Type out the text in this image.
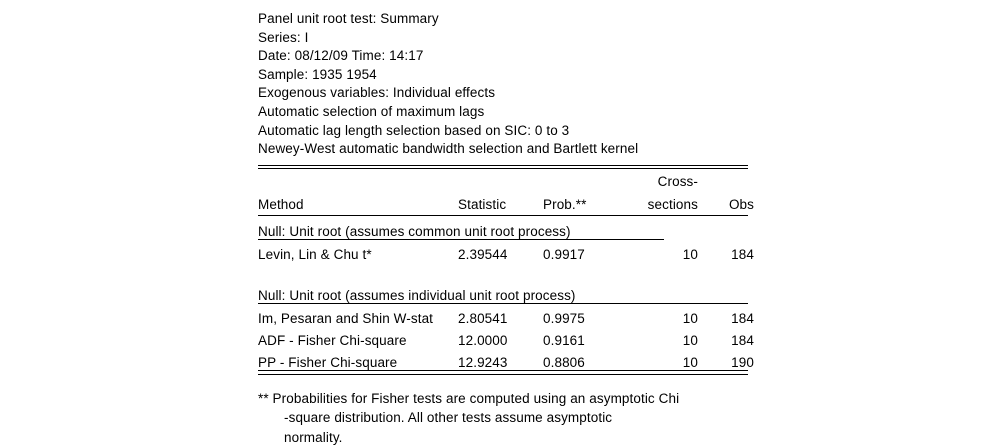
Panel unit root test: Summary
Series: I
Date: 08/12/09 Time: 14:17
Sample: 1935 1954
Exogenous variables: Individual effects
Automatic selection of maximum lags
Automatic lag length selection based on SIC: 0 to 3
Newey-West automatic bandwidth selection and Bartlett kernel
			Cross-	
Method	Statistic	Prob.**	sections	Obs

Null: Unit root (assumes common unit root process)				

Levin, Lin & Chu t*	2.39544	0.9917	10	184

Null: Unit root (assumes individual unit root process)				

Im, Pesaran and Shin W-stat	2.80541	0.9975	10	184
ADF - Fisher Chi-square	12.0000	0.9161	10	184
PP - Fisher Chi-square	12.9243	0.8806	10	190

** Probabilities for Fisher tests are computed using an asymptotic Chi
-square distribution. All other tests assume asymptotic
normality.
